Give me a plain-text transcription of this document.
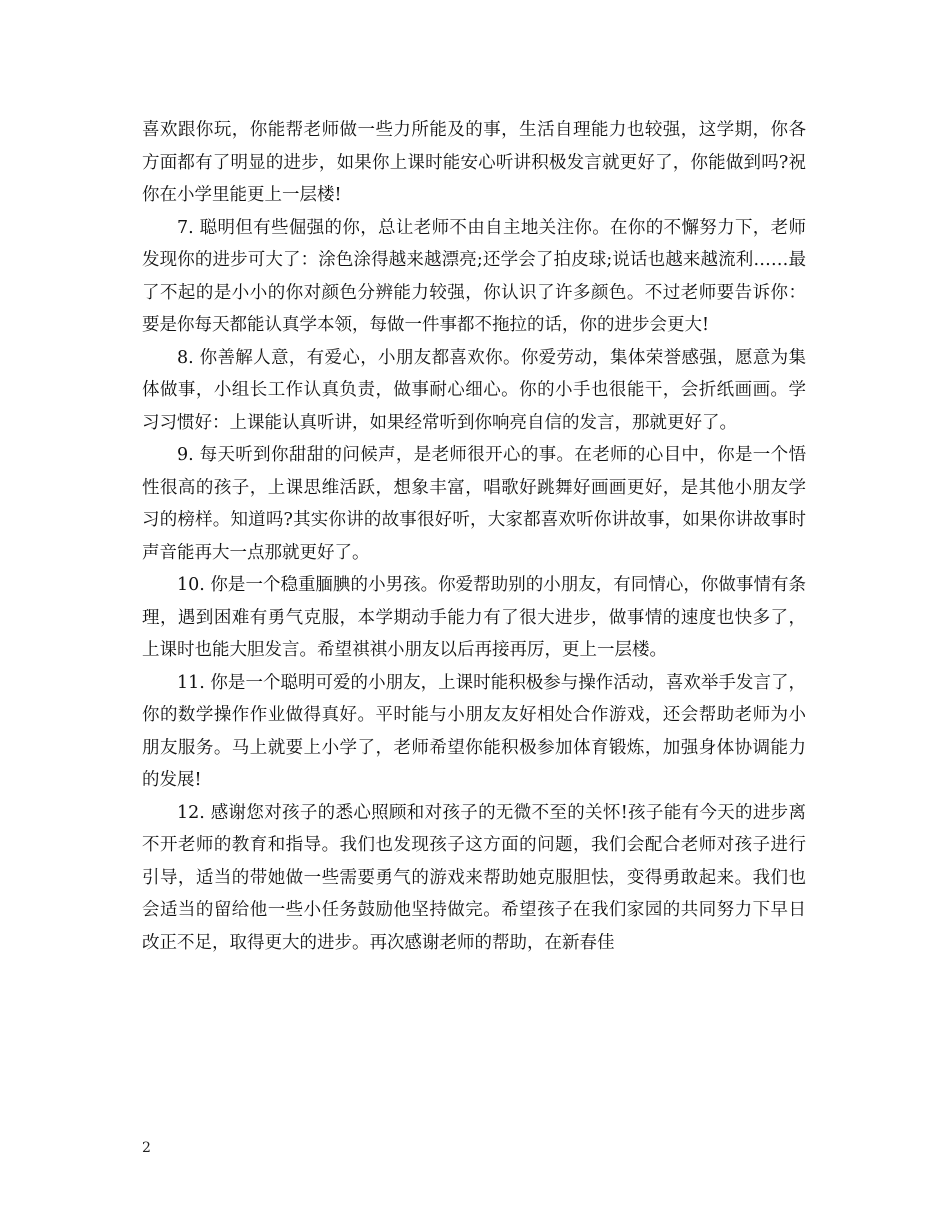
喜欢跟你玩，你能帮老师做一些力所能及的事，生活自理能力也较强，这学期，你各方面都有了明显的进步，如果你上课时能安心听讲积极发言就更好了，你能做到吗?祝你在小学里能更上一层楼!

7. 聪明但有些倔强的你，总让老师不由自主地关注你。在你的不懈努力下，老师发现你的进步可大了：涂色涂得越来越漂亮;还学会了拍皮球;说话也越来越流利……最了不起的是小小的你对颜色分辨能力较强，你认识了许多颜色。不过老师要告诉你：要是你每天都能认真学本领，每做一件事都不拖拉的话，你的进步会更大!

8. 你善解人意，有爱心，小朋友都喜欢你。你爱劳动，集体荣誉感强，愿意为集体做事，小组长工作认真负责，做事耐心细心。你的小手也很能干，会折纸画画。学习习惯好：上课能认真听讲，如果经常听到你响亮自信的发言，那就更好了。

9. 每天听到你甜甜的问候声，是老师很开心的事。在老师的心目中，你是一个悟性很高的孩子，上课思维活跃，想象丰富，唱歌好跳舞好画画更好，是其他小朋友学习的榜样。知道吗?其实你讲的故事很好听，大家都喜欢听你讲故事，如果你讲故事时声音能再大一点那就更好了。

10. 你是一个稳重腼腆的小男孩。你爱帮助别的小朋友，有同情心，你做事情有条理，遇到困难有勇气克服，本学期动手能力有了很大进步，做事情的速度也快多了，上课时也能大胆发言。希望祺祺小朋友以后再接再厉，更上一层楼。

11. 你是一个聪明可爱的小朋友，上课时能积极参与操作活动，喜欢举手发言了，你的数学操作作业做得真好。平时能与小朋友友好相处合作游戏，还会帮助老师为小朋友服务。马上就要上小学了，老师希望你能积极参加体育锻炼，加强身体协调能力的发展!

12. 感谢您对孩子的悉心照顾和对孩子的无微不至的关怀!孩子能有今天的进步离不开老师的教育和指导。我们也发现孩子这方面的问题，我们会配合老师对孩子进行引导，适当的带她做一些需要勇气的游戏来帮助她克服胆怯，变得勇敢起来。我们也会适当的留给他一些小任务鼓励他坚持做完。希望孩子在我们家园的共同努力下早日改正不足，取得更大的进步。再次感谢老师的帮助，在新春佳

2
